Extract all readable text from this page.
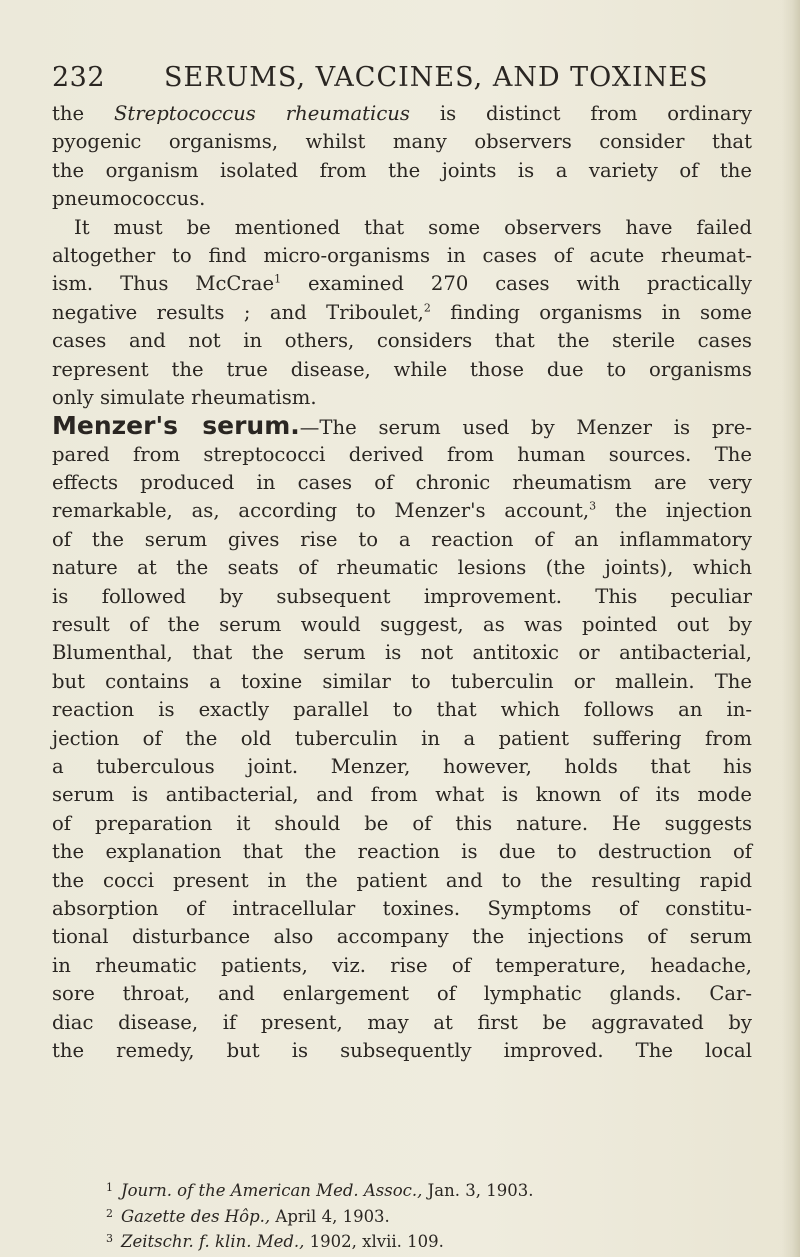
232 SERUMS, VACCINES, AND TOXINES
the Streptococcus rheumaticus is distinct from ordinary
pyogenic organisms, whilst many observers consider that
the organism isolated from the joints is a variety of the
pneumococcus.
It must be mentioned that some observers have failed
altogether to find micro-organisms in cases of acute rheumat-
ism. Thus McCrae$^1$ examined 270 cases with practically
negative results ; and Triboulet,$^2$ finding organisms in some
cases and not in others, considers that the sterile cases
represent the true disease, while those due to organisms
only simulate rheumatism.
Menzer's serum.—The serum used by Menzer is pre-
pared from streptococci derived from human sources. The
effects produced in cases of chronic rheumatism are very
remarkable, as, according to Menzer's account,$^3$ the injection
of the serum gives rise to a reaction of an inflammatory
nature at the seats of rheumatic lesions (the joints), which
is followed by subsequent improvement. This peculiar
result of the serum would suggest, as was pointed out by
Blumenthal, that the serum is not antitoxic or antibacterial,
but contains a toxine similar to tuberculin or mallein. The
reaction is exactly parallel to that which follows an in-
jection of the old tuberculin in a patient suffering from
a tuberculous joint. Menzer, however, holds that his
serum is antibacterial, and from what is known of its mode
of preparation it should be of this nature. He suggests
the explanation that the reaction is due to destruction of
the cocci present in the patient and to the resulting rapid
absorption of intracellular toxines. Symptoms of constitu-
tional disturbance also accompany the injections of serum
in rheumatic patients, viz. rise of temperature, headache,
sore throat, and enlargement of lymphatic glands. Car-
diac disease, if present, may at first be aggravated by
the remedy, but is subsequently improved. The local
$^1$ Journ. of the American Med. Assoc., Jan. 3, 1903.
$^2$ Gazette des Hôp., April 4, 1903.
$^3$ Zeitschr. f. klin. Med., 1902, xlvii. 109.
